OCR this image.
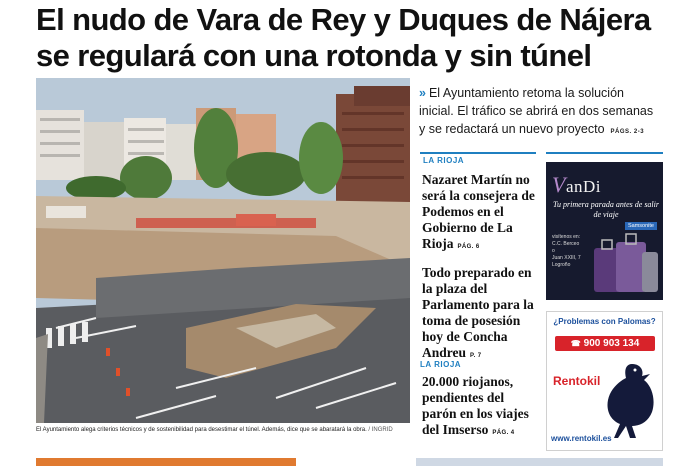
El nudo de Vara de Rey y Duques de Nájera
se regulará con una rotonda y sin túnel
El Ayuntamiento alega criterios técnicos y de sostenibilidad para desestimar el túnel. Además, dice que se abaratará la obra. / INGRID
» El Ayuntamiento retoma la solución inicial. El tráfico se abrirá en dos semanas y se redactará un nuevo proyecto PÁGS. 2-3
LA RIOJA
Nazaret Martín no será la consejera de Podemos en el Gobierno de La Rioja PÁG. 6
Todo preparado en la plaza del Parlamento para la toma de posesión hoy de Concha Andreu P. 7
LA RIOJA
20.000 riojanos, pendientes del parón en los viajes del Imserso PÁG. 4
VanDi
Tu primera parada antes de salir de viaje
Samsonite
visítenos en:
C.C. Berceo
o
Juan XXIII, 7
Logroño
¿Problemas con Palomas?
☎ 900 903 134
Rentokil
www.rentokil.es
